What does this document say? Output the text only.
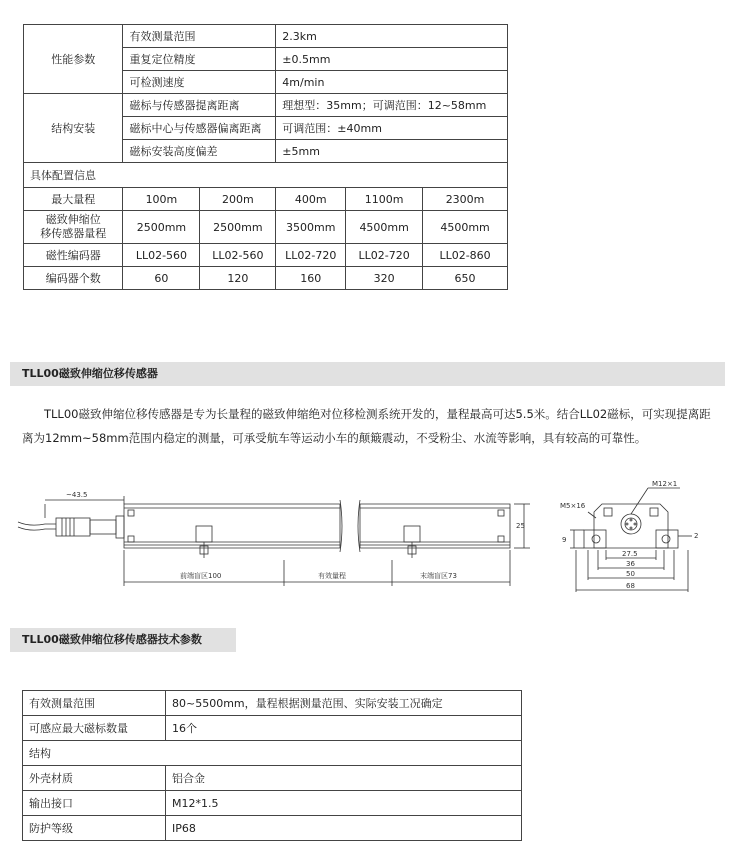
性能参数	有效测量范围		2.3km		
	重复定位精度		±0.5mm		
	可检测速度		4m/min		
结构安装	磁标与传感器提离距离		理想型：35mm；可调范围：12~58mm		
	磁标中心与传感器偏离距离		可调范围：±40mm		
	磁标安装高度偏差		±5mm		
具体配置信息					
最大量程	100m	200m	400m	1100m	2300m
磁致伸缩位
移传感器量程	2500mm	2500mm	3500mm	4500mm	4500mm
磁性编码器	LL02-560	LL02-560	LL02-720	LL02-720	LL02-860
编码器个数	60	120	160	320	650
TLL00磁致伸缩位移传感器

TLL00磁致伸缩位移传感器是专为长量程的磁致伸缩绝对位移检测系统开发的，量程最高可达5.5米。结合LL02磁标，可实现提离距离为12mm~58mm范围内稳定的测量，可承受航车等运动小车的颠簸震动，不受粉尘、水流等影响，具有较高的可靠性。

~43.5
25
前端盲区100	有效量程	末端盲区73
M5×16
M12×1
9	2
27.5
36
50
68
TLL00磁致伸缩位移传感器技术参数
有效测量范围	80~5500mm，量程根据测量范围、实际安装工况确定
可感应最大磁标数量	16个
结构	
外壳材质	铝合金
输出接口	M12*1.5
防护等级	IP68
